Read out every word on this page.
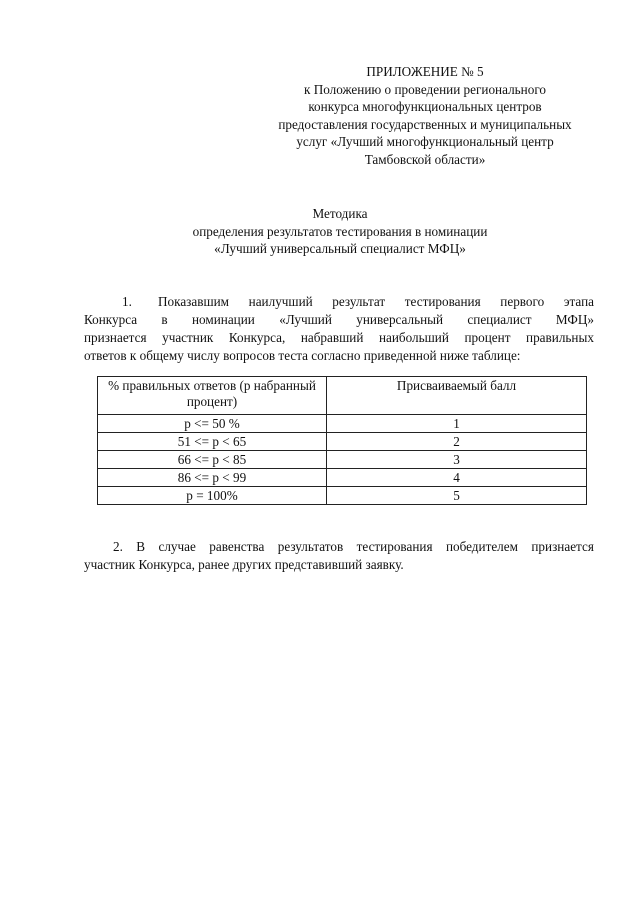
ПРИЛОЖЕНИЕ № 5
к Положению о проведении регионального
конкурса многофункциональных центров
предоставления государственных и муниципальных
услуг «Лучший многофункциональный центр
Тамбовской области»
Методика
определения результатов тестирования в номинации
«Лучший универсальный специалист МФЦ»
Показавшим наилучший результат тестирования первого этапа
Конкурса в номинации «Лучший универсальный специалист МФЦ»
признается участник Конкурса, набравший наибольший процент правильных
ответов к общему числу вопросов теста согласно приведенной ниже таблице:
1.
% правильных ответов (р набранный процент)	Присваиваемый балл
р <= 50 %	1
51 <= р < 65	2
66 <= р < 85	3
86 <= р < 99	4
р = 100%	5
2. В случае равенства результатов тестирования победителем признается
участник Конкурса, ранее других представивший заявку.
